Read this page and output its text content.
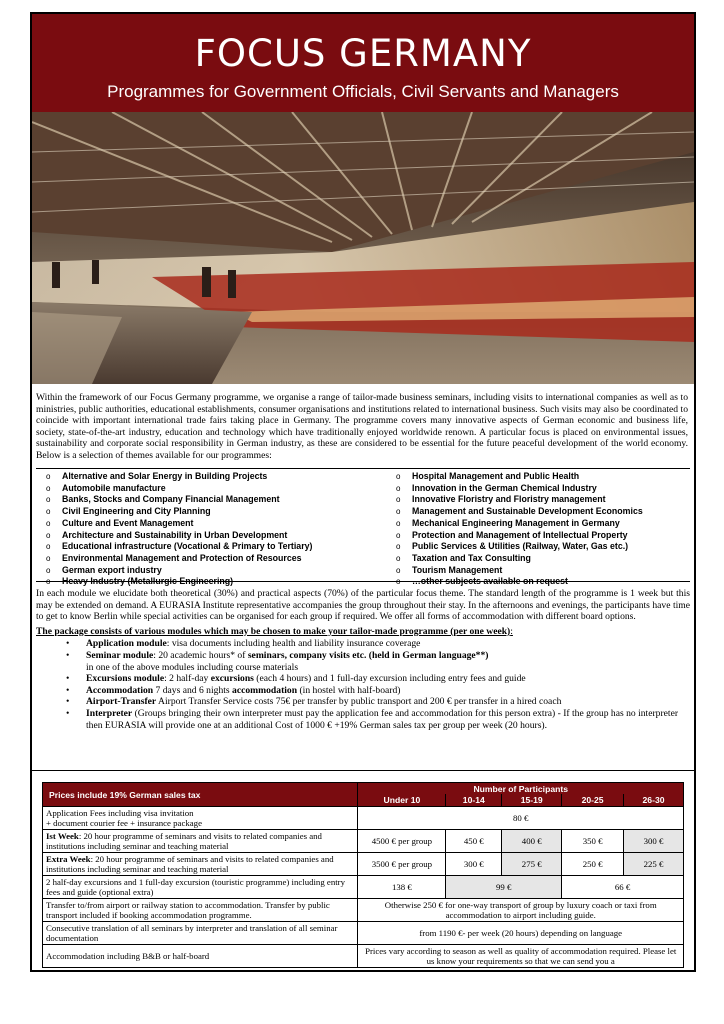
FOCUS GERMANY
Programmes for Government Officials, Civil Servants and Managers
Within the framework of our Focus Germany programme, we organise a range of tailor-made business seminars, including visits to international companies as well as to ministries, public authorities, educational establishments, consumer organisations and institutions related to international business. Such visits may also be coordinated to coincide with important international trade fairs taking place in Germany. The programme covers many innovative aspects of German economic and business life, society, state-of-the-art industry, education and technology which have traditionally enjoyed worldwide renown. A particular focus is placed on environmental issues, sustainability and corporate social responsibility in German industry, as these are considered to be essential for the future peaceful development of the world economy. Below is a selection of themes available for our programmes:
o Alternative and Solar Energy in Building Projects
o Automobile manufacture
o Banks, Stocks and Company Financial Management
o Civil Engineering and City Planning
o Culture and Event Management
o Architecture and Sustainability in Urban Development
o Educational infrastructure (Vocational & Primary to Tertiary)
o Environmental Management and Protection of Resources
o German export industry
o Heavy Industry (Metallurgic Engineering)
o Hospital Management and Public Health
o Innovation in the German Chemical Industry
o Innovative Floristry and Floristry management
o Management and Sustainable Development Economics
o Mechanical Engineering Management in Germany
o Protection and Management of Intellectual Property
o Public Services & Utilities (Railway, Water, Gas etc.)
o Taxation and Tax Consulting
o Tourism Management
o …other subjects available on request

In each module we elucidate both theoretical (30%) and practical aspects (70%) of the particular focus theme. The standard length of the programme is 1 week but this may be extended on demand. A EURASIA Institute representative accompanies the group throughout their stay. In the afternoons and evenings, the participants have time to get to know Berlin while special activities can be organised for each group if required. We offer all forms of accommodation with different board options.

The package consists of various modules which may be chosen to make your tailor-made programme (per one week):
• Application module: visa documents including health and liability insurance coverage
• Seminar module: 20 academic hours* of seminars, company visits etc. (held in German language**)
in one of the above modules including course materials
• Excursions module: 2 half-day excursions (each 4 hours) and 1 full-day excursion including entry fees and guide
• Accommodation 7 days and 6 nights accommodation (in hostel with half-board)
• Airport-Transfer Airport Transfer Service costs 75€ per transfer by public transport and 200 € per transfer in a hired coach
• Interpreter (Groups bringing their own interpreter must pay the application fee and accommodation for this person extra) - If the group has no interpreter then EURASIA will provide one at an additional Cost of 1000 € +19% German sales tax per group per week (20 hours).
Prices include 19% German sales tax	Number of Participants				
	Under 10	10-14	15-19	20-25	26-30
Application Fees including visa invitation
+ document courier fee + insurance package	80 €				
Ist Week: 20 hour programme of seminars and visits to related companies and institutions including seminar and teaching material	4500 € per group	450 €	400 €	350 €	300 €
Extra Week: 20 hour programme of seminars and visits to related companies and institutions including seminar and teaching material	3500 € per group	300 €	275 €	250 €	225 €
2 half-day excursions and 1 full-day excursion (touristic programme) including entry fees and guide (optional extra)	138 €	99 €		66 €	
Transfer to/from airport or railway station to accommodation. Transfer by public transport included if booking accommodation programme.	Otherwise 250 € for one-way transport of group by luxury coach or taxi from accommodation to airport including guide.				
Consecutive translation of all seminars by interpreter and translation of all seminar documentation	from 1190 €- per week (20 hours) depending on language				
Accommodation including B&B or half-board	Prices vary according to season as well as quality of accommodation required. Please let us know your requirements so that we can send you a				
